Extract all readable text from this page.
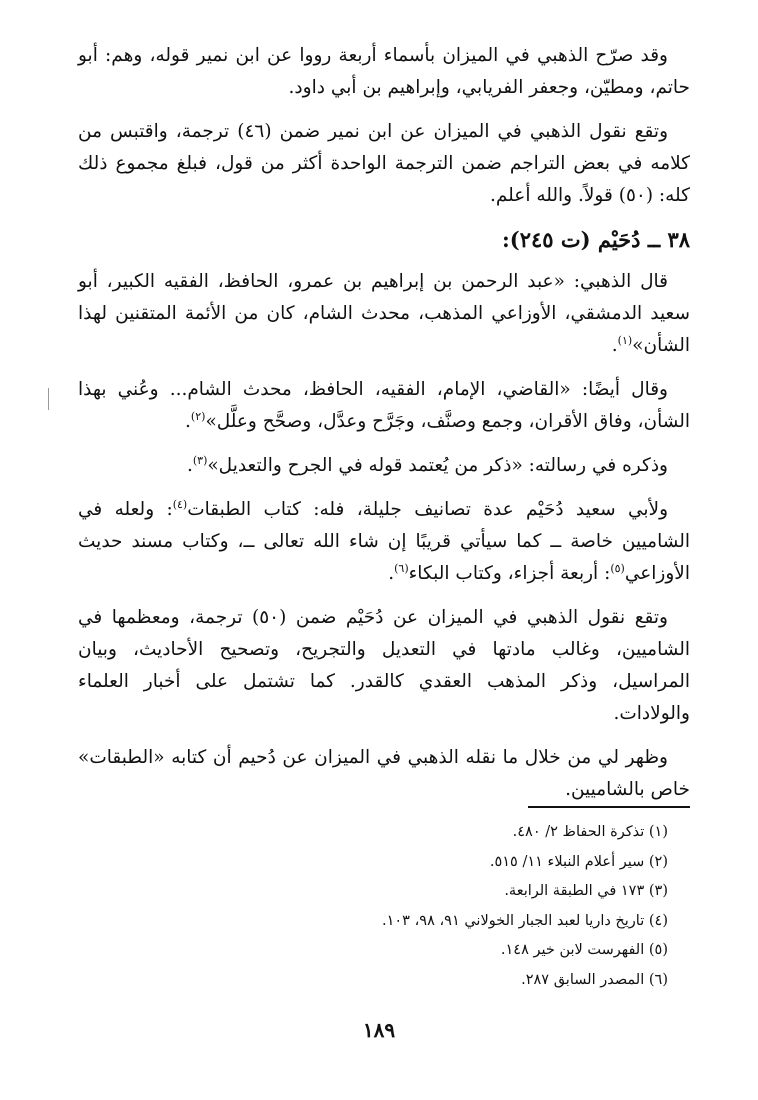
وقد صرّح الذهبي في الميزان بأسماء أربعة رووا عن ابن نمير قوله، وهم: أبو حاتم، ومطيّن، وجعفر الفريابي، وإبراهيم بن أبي داود.

وتقع نقول الذهبي في الميزان عن ابن نمير ضمن (٤٦) ترجمة، واقتبس من كلامه في بعض التراجم ضمن الترجمة الواحدة أكثر من قول، فبلغ مجموع ذلك كله: (٥٠) قولاً. والله أعلم.

٣٨ ــ دُحَيْم (ت ٢٤٥):

قال الذهبي: «عبد الرحمن بن إبراهيم بن عمرو، الحافظ، الفقيه الكبير، أبو سعيد الدمشقي، الأوزاعي المذهب، محدث الشام، كان من الأئمة المتقنين لهذا الشأن»$^{(١)}$.

وقال أيضًا: «القاضي، الإمام، الفقيه، الحافظ، محدث الشام... وعُني بهذا الشأن، وفاق الأقران، وجمع وصنَّف، وجَرَّح وعدَّل، وصحَّح وعلَّل»$^{(٢)}$.

وذكره في رسالته: «ذكر من يُعتمد قوله في الجرح والتعديل»$^{(٣)}$.

ولأبي سعيد دُحَيْم عدة تصانيف جليلة، فله: كتاب الطبقات$^{(٤)}$: ولعله في الشاميين خاصة ــ كما سيأتي قريبًا إن شاء الله تعالى ــ، وكتاب مسند حديث الأوزاعي$^{(٥)}$: أربعة أجزاء، وكتاب البكاء$^{(٦)}$.

وتقع نقول الذهبي في الميزان عن دُحَيْم ضمن (٥٠) ترجمة، ومعظمها في الشاميين، وغالب مادتها في التعديل والتجريح، وتصحيح الأحاديث، وبيان المراسيل، وذكر المذهب العقدي كالقدر. كما تشتمل على أخبار العلماء والولادات.

وظهر لي من خلال ما نقله الذهبي في الميزان عن دُحيم أن كتابه «الطبقات» خاص بالشاميين.

(١) تذكرة الحفاظ ٢/ ٤٨٠.

(٢) سير أعلام النبلاء ١١/ ٥١٥.

(٣) ١٧٣ في الطبقة الرابعة.

(٤) تاريخ داريا لعبد الجبار الخولاني ٩١، ٩٨، ١٠٣.

(٥) الفهرست لابن خير ١٤٨.

(٦) المصدر السابق ٢٨٧.

١٨٩
